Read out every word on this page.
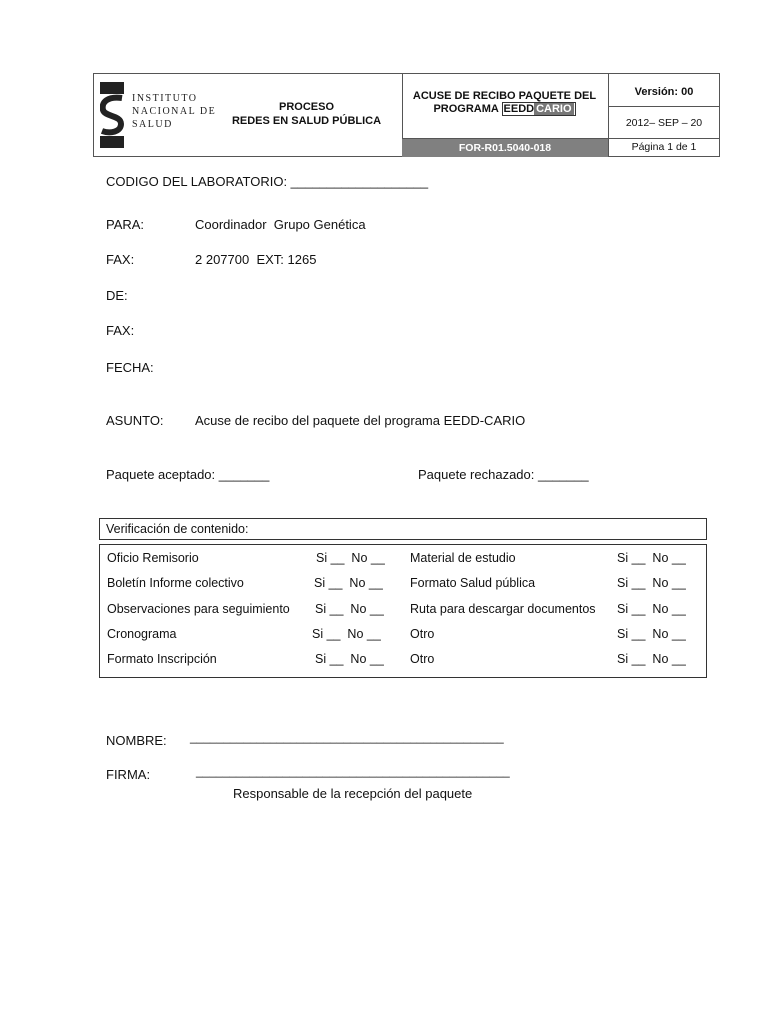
INSTITUTO
NACIONAL DE
SALUD
PROCESO
REDES EN SALUD PÚBLICA
ACUSE DE RECIBO PAQUETE DEL
PROGRAMA EEDD CARIO
FOR-R01.5040-018
Versión: 00
2012– SEP – 20
Página 1 de 1
CODIGO DEL LABORATORIO: ___________________
PARA:	Coordinador  Grupo Genética
FAX:	2 207700  EXT: 1265
DE:
FAX:
FECHA:
ASUNTO: Acuse de recibo del paquete del programa EEDD-CARIO
Paquete aceptado: _______	Paquete rechazado: _______
Verificación de contenido:
Oficio Remisorio	Si __  No __ Material de estudio	Si __  No __
Boletín Informe colectivo	Si __  No __ Formato Salud pública	Si __  No __
Observaciones para seguimiento Si __  No __ Ruta para descargar documentos Si __  No __
Cronograma	Si __  No __ Otro	Si __  No __
Formato Inscripción	Si __  No __ Otro	Si __  No __
NOMBRE: _______________________________________________
FIRMA:	_______________________________________________
Responsable de la recepción del paquete
